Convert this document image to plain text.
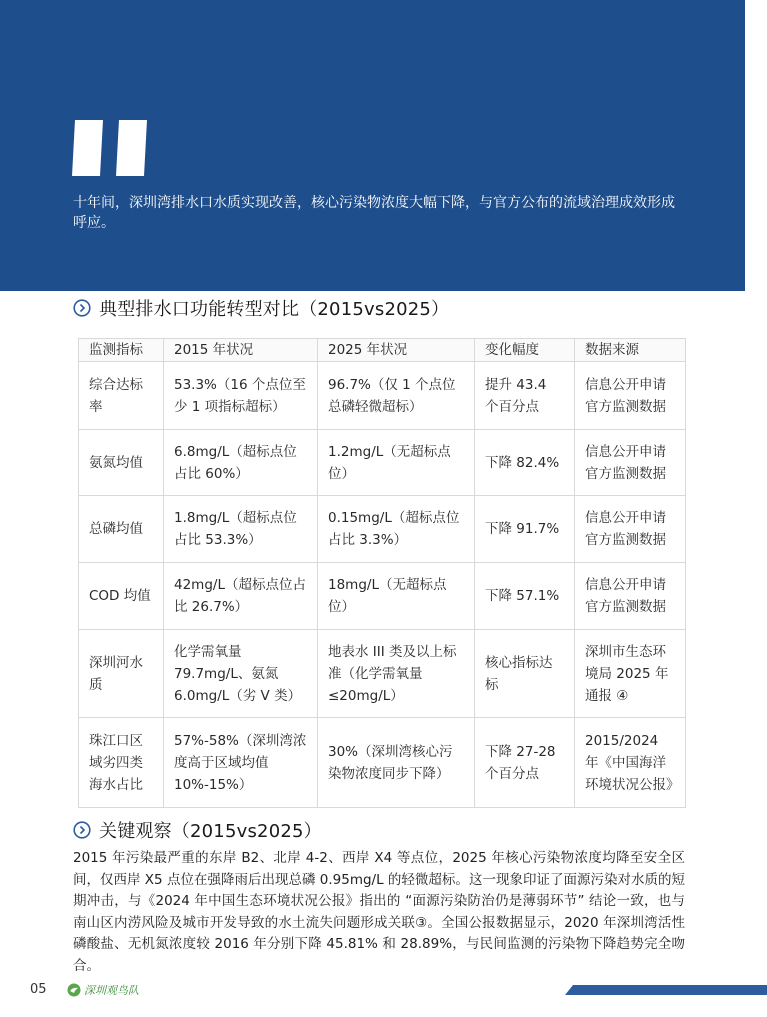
十年间，深圳湾排水口水质实现改善，核心污染物浓度大幅下降，与官方公布的流域治理成效形成呼应。
典型排水口功能转型对比（2015vs2025）
监测指标	2015 年状况	2025 年状况	变化幅度	数据来源
综合达标率	53.3%（16 个点位至少 1 项指标超标）	96.7%（仅 1 个点位总磷轻微超标）	提升 43.4 个百分点	信息公开申请官方监测数据
氨氮均值	6.8mg/L（超标点位占比 60%）	1.2mg/L（无超标点位）	下降 82.4%	信息公开申请官方监测数据
总磷均值	1.8mg/L（超标点位占比 53.3%）	0.15mg/L（超标点位占比 3.3%）	下降 91.7%	信息公开申请官方监测数据
COD 均值	42mg/L（超标点位占比 26.7%）	18mg/L（无超标点位）	下降 57.1%	信息公开申请官方监测数据
深圳河水质	化学需氧量 79.7mg/L、氨氮 6.0mg/L（劣 V 类）	地表水 III 类及以上标准（化学需氧量≤20mg/L）	核心指标达标	深圳市生态环境局 2025 年通报 ④
珠江口区域劣四类海水占比	57%-58%（深圳湾浓度高于区域均值 10%-15%）	30%（深圳湾核心污染物浓度同步下降）	下降 27-28 个百分点	2015/2024 年《中国海洋环境状况公报》
关键观察（2015vs2025）
2015 年污染最严重的东岸 B2、北岸 4-2、西岸 X4 等点位，2025 年核心污染物浓度均降至安全区间，仅西岸 X5 点位在强降雨后出现总磷 0.95mg/L 的轻微超标。这一现象印证了面源污染对水质的短期冲击，与《2024 年中国生态环境状况公报》指出的 “面源污染防治仍是薄弱环节” 结论一致，也与南山区内涝风险及城市开发导致的水土流失问题形成关联③。全国公报数据显示，2020 年深圳湾活性磷酸盐、无机氮浓度较 2016 年分别下降 45.81% 和 28.89%，与民间监测的污染物下降趋势完全吻合。
05	深圳观鸟队
